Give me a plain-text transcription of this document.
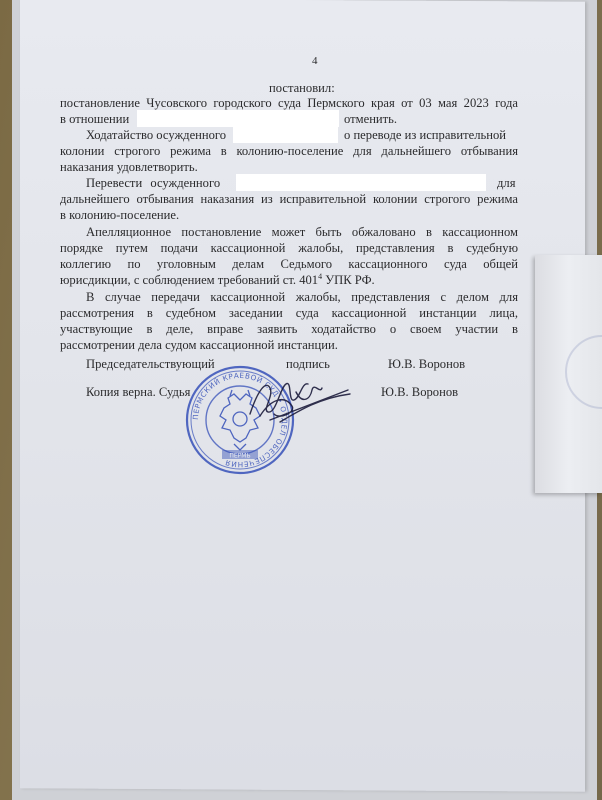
4
постановил:
постановление Чусовского городского суда Пермского края от 03 мая 2023 года
в отношении	отменить.
Ходатайство осужденного	о переводе из исправительной
колонии строгого режима в колонию-поселение для дальнейшего отбывания
наказания удовлетворить.
Перевести осужденного	для
дальнейшего отбывания наказания из исправительной колонии строгого режима
в колонию-поселение.
Апелляционное постановление может быть обжаловано в кассационном
порядке путем подачи кассационной жалобы, представления в судебную
коллегию по уголовным делам Седьмого кассационного суда общей
юрисдикции, с соблюдением требований ст. $401^4$ УПК РФ.
В случае передачи кассационной жалобы, представления с делом для
рассмотрения в судебном заседании суда кассационной инстанции лица,
участвующие в деле, вправе заявить ходатайство о своем участии в
рассмотрении дела судом кассационной инстанции.
Председательствующий	подпись	Ю.В. Воронов
Копия верна. Судья	Ю.В. Воронов
ПЕРМСКИЙ КРАЕВОЙ СУД • ОТДЕЛ ОБЕСПЕЧЕНИЯ
ПЕРМЬ
